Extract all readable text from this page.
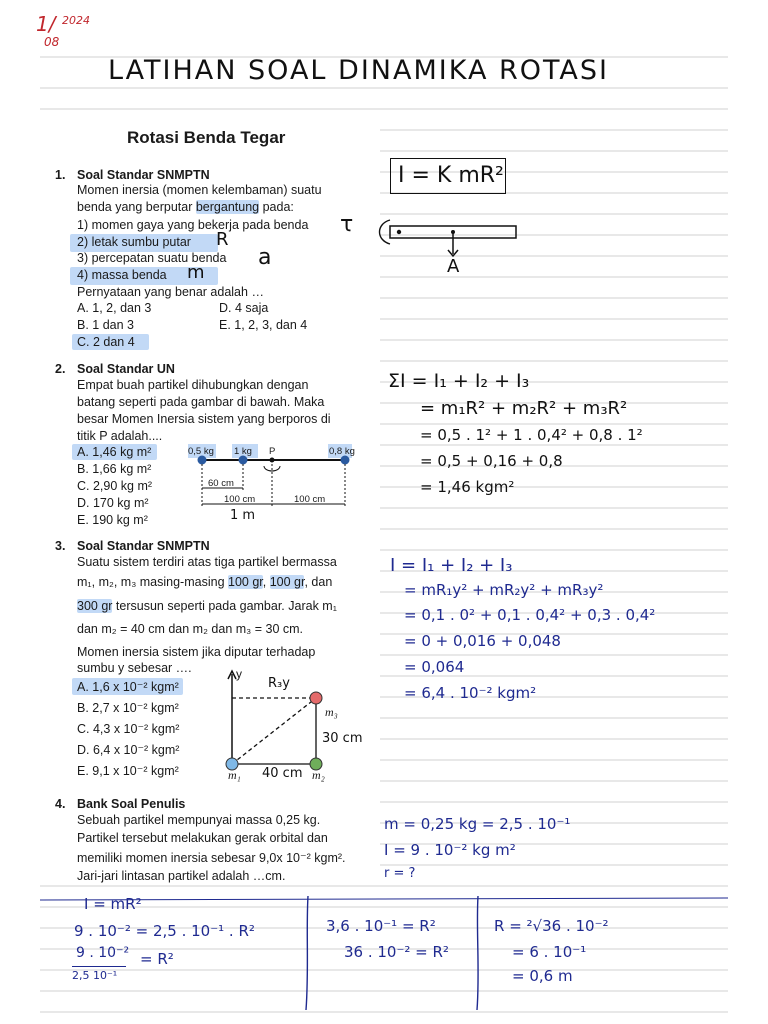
1/ 2024
08
LATIHAN SOAL DINAMIKA ROTASI
Rotasi Benda Tegar
1. Soal Standar SNMPTN
Momen inersia (momen kelembaman) suatu
benda yang berputar bergantung pada:
1) momen gaya yang bekerja pada benda
2) letak sumbu putar
3) percepatan suatu benda
4) massa benda
Pernyataan yang benar adalah …
A. 1, 2, dan 3
B. 1 dan 3
C. 2 dan 4
D. 4 saja
E. 1, 2, 3, dan 4
τ
R
a
m
I = K mR²
A
2. Soal Standar UN
Empat buah partikel dihubungkan dengan
batang seperti pada gambar di bawah. Maka
besar Momen Inersia sistem yang berporos di
titik P adalah....
A. 1,46 kg m²
B. 1,66 kg m²
C. 2,90 kg m²
D. 170 kg m²
E. 190 kg m²
0,5 kg 1 kg P	0,8 kg
60 cm
100 cm	100 cm
1 m
ΣI = I₁ + I₂ + I₃
= m₁R² + m₂R² + m₃R²
= 0,5 . 1² + 1 . 0,4² + 0,8 . 1²
= 0,5 + 0,16 + 0,8
= 1,46 kgm²
3. Soal Standar SNMPTN
Suatu sistem terdiri atas tiga partikel bermassa
m₁, m₂, m₃ masing-masing 100 gr, 100 gr, dan
300 gr tersusun seperti pada gambar. Jarak m₁
dan m₂ = 40 cm dan m₂ dan m₃ = 30 cm.
Momen inersia sistem jika diputar terhadap
sumbu y sebesar ….
A. 1,6 x 10⁻² kgm²
B. 2,7 x 10⁻² kgm²
C. 4,3 x 10⁻² kgm²
D. 6,4 x 10⁻² kgm²
E. 9,1 x 10⁻² kgm²
y
R₃y
m₃
30 cm
m₁ 40 cm m₂
I = I₁ + I₂ + I₃
= mR₁y² + mR₂y² + mR₃y²
= 0,1 . 0² + 0,1 . 0,4² + 0,3 . 0,4²
= 0 + 0,016 + 0,048
= 0,064
= 6,4 . 10⁻² kgm²
4. Bank Soal Penulis
Sebuah partikel mempunyai massa 0,25 kg.
Partikel tersebut melakukan gerak orbital dan
memiliki momen inersia sebesar 9,0x 10⁻² kgm².
Jari-jari lintasan partikel adalah …cm.
m = 0,25 kg = 2,5 . 10⁻¹
I = 9 . 10⁻² kg m²
r = ?
I = mR²
9 . 10⁻² = 2,5 . 10⁻¹ . R²
9 . 10⁻²
2,5 10⁻¹
= R²
3,6 . 10⁻¹ = R²
36 . 10⁻² = R²
R = ²√36 . 10⁻²
= 6 . 10⁻¹
= 0,6 m
